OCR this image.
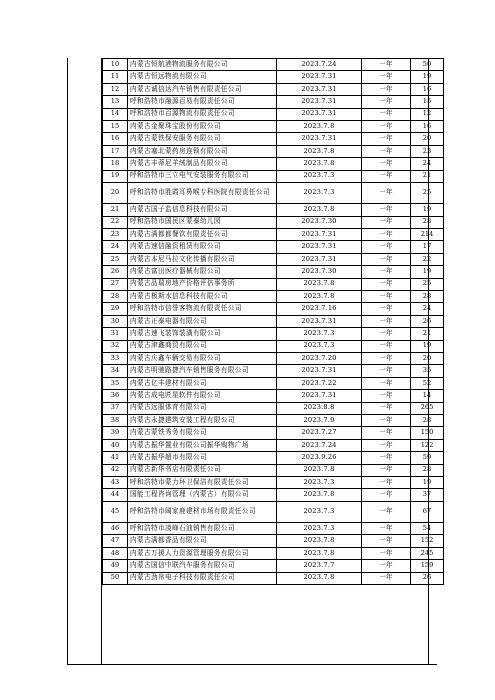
10	内蒙古恒航港物流服务有限公司	2023.7.24	一年	50
11	内蒙古恒远物流有限公司	2023.7.31	一年	19
12	内蒙古诚信达汽车销售有限责任公司	2023.7.31	一年	16
13	呼和浩特市融源百易有限责任公司	2023.7.31	一年	15
14	呼和浩特市百源物流有限责任公司	2023.7.31	一年	12
15	内蒙古金聚珠宝股份有限公司	2023.7.8	一年	16
16	内蒙古蒙铁保安服务有限公司	2023.7.31	一年	20
17	内蒙古塞北蒙药房连锁有限公司	2023.7.8	一年	23
18	内蒙古丰蒂尼羊绒制品有限公司	2023.7.8	一年	24
19	呼和浩特市三立电气安装服务有限公司	2023.7.3	一年	21
20	呼和浩特市胜霞耳鼻喉专科医院有限责任公司	2023.7.3	一年	25
21	内蒙古国子监信息科技有限公司	2023.7.8	一年	19
22	呼和浩特市国民区蒙泰幼儿园	2023.7.30	一年	28
23	内蒙古满都都餐饮有限责任公司	2023.7.31	一年	214
24	内蒙古速信融资租赁有限公司	2023.7.31	一年	17
25	内蒙古本尼马拉文化传播有限公司	2023.7.31	一年	22
26	内蒙古富田医疗器械有限公司	2023.7.30	一年	19
27	内蒙古品瑞房地产价格评估事务所	2023.7.8	一年	25
28	内蒙古极斯水信息科技有限公司	2023.7.8	一年	28
29	呼和浩特市信誉客物流有限责任公司	2023.7.16	一年	24
30	内蒙古正泰电器有限公司	2023.7.31	一年	26
31	内蒙古速飞装饰装潢有限公司	2023.7.3	一年	21
32	内蒙古津鑫商贸有限公司	2023.7.3	一年	19
33	内蒙古庆鑫车辆交易有限公司	2023.7.20	一年	20
34	内蒙古明驰路捷汽车销售服务有限公司	2023.7.31	一年	35
35	内蒙古亿丰建材有限公司	2023.7.22	一年	52
36	内蒙古成电匠星软件有限公司	2023.7.31	一年	14
37	内蒙古远服体育有限公司	2023.8.8	一年	265
38	内蒙古永捷建筑安装工程有限公司	2023.7.9	一年	28
39	内蒙古蒙铁秀务有限公司	2023.7.27	一年	150
40	内蒙古振华置业有限公司振华购物广场	2023.7.24	一年	122
41	内蒙古振华超市有限公司	2023.9.26	一年	59
42	内蒙古新华书店有限责任公司	2023.7.8	一年	28
43	呼和浩特市蒙力环卫保洁有限责任公司	2023.7.3	一年	19
44	国能工程咨询管理（内蒙古）有限公司	2023.7.8	一年	37
45	呼和浩特市阔家鹿建材市场有限责任公司	2023.7.3	一年	67
46	呼和浩特市凌峰石油销售有限公司	2023.7.3	一年	54
47	内蒙古满都香品有限公司	2023.7.8	一年	152
48	内蒙古万援人力资源管理服务有限公司	2023.7.8	一年	245
49	内蒙古国信中联汽车服务有限公司	2023.7.7	一年	159
50	内蒙古劲帛电子科技有限责任公司	2023.7.8	一年	26
